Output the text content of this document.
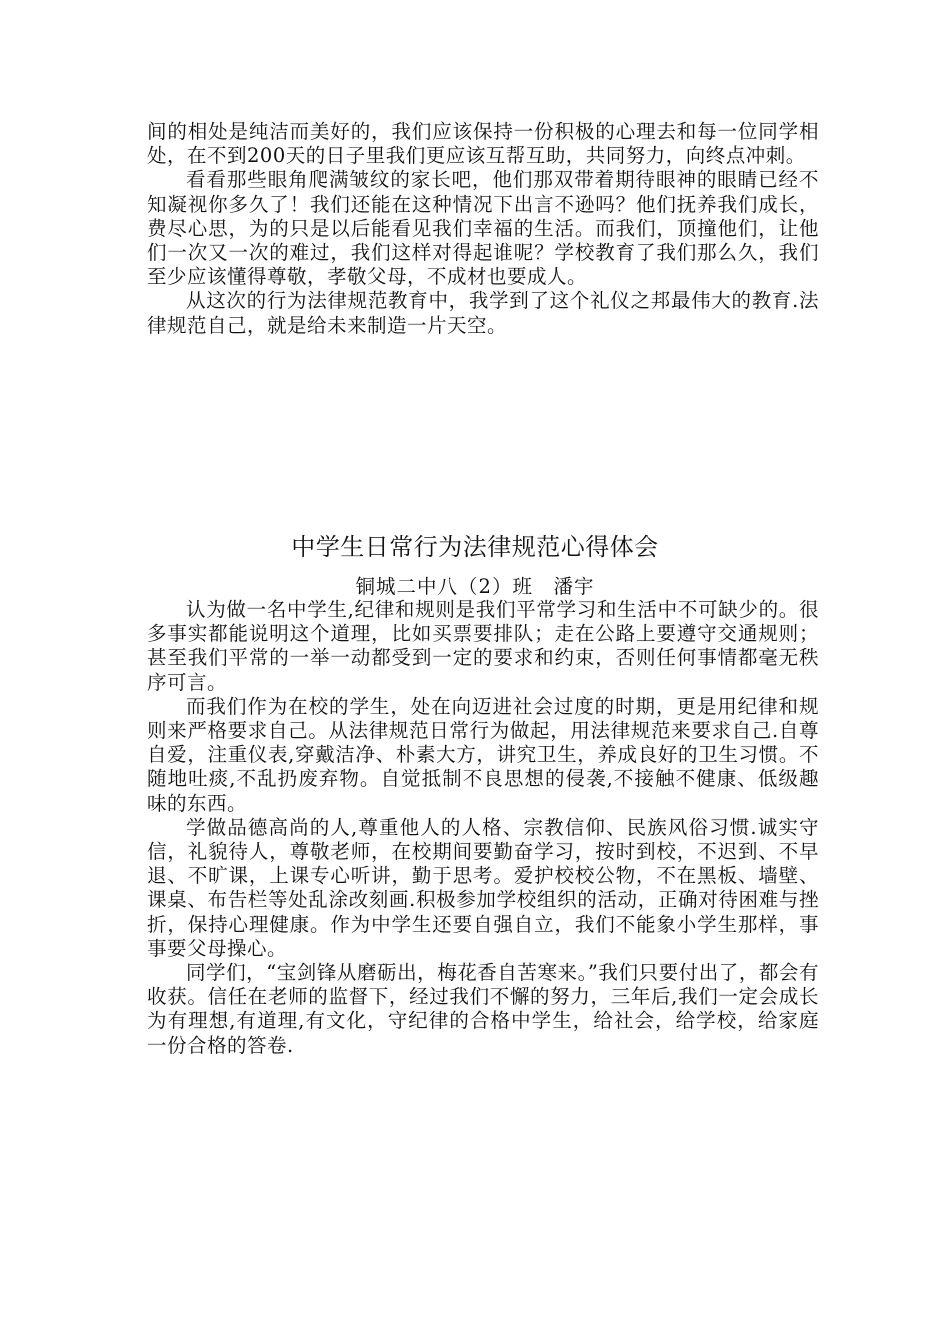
间的相处是纯洁而美好的，我们应该保持一份积极的心理去和每一位同学相处，在不到200天的日子里我们更应该互帮互助，共同努力，向终点冲刺。

看看那些眼角爬满皱纹的家长吧，他们那双带着期待眼神的眼睛已经不知凝视你多久了！我们还能在这种情况下出言不逊吗？他们抚养我们成长，费尽心思，为的只是以后能看见我们幸福的生活。而我们，顶撞他们，让他们一次又一次的难过，我们这样对得起谁呢？学校教育了我们那么久，我们至少应该懂得尊敬，孝敬父母，不成材也要成人。

从这次的行为法律规范教育中，我学到了这个礼仪之邦最伟大的教育.法律规范自己，就是给未来制造一片天空。

中学生日常行为法律规范心得体会
铜城二中八（2）班　潘宇

认为做一名中学生,纪律和规则是我们平常学习和生活中不可缺少的。很多事实都能说明这个道理，比如买票要排队；走在公路上要遵守交通规则；甚至我们平常的一举一动都受到一定的要求和约束，否则任何事情都毫无秩序可言。

而我们作为在校的学生，处在向迈进社会过度的时期，更是用纪律和规则来严格要求自己。从法律规范日常行为做起，用法律规范来要求自己.自尊自爱，注重仪表,穿戴洁净、朴素大方，讲究卫生，养成良好的卫生习惯。不随地吐痰,不乱扔废弃物。自觉抵制不良思想的侵袭,不接触不健康、低级趣味的东西。

学做品德高尚的人,尊重他人的人格、宗教信仰、民族风俗习惯.诚实守信，礼貌待人，尊敬老师，在校期间要勤奋学习，按时到校，不迟到、不早退、不旷课，上课专心听讲，勤于思考。爱护校校公物，不在黑板、墙壁、课桌、布告栏等处乱涂改刻画.积极参加学校组织的活动，正确对待困难与挫折，保持心理健康。作为中学生还要自强自立，我们不能象小学生那样，事事要父母操心。

同学们，“宝剑锋从磨砺出，梅花香自苦寒来。”我们只要付出了，都会有收获。信任在老师的监督下，经过我们不懈的努力，三年后,我们一定会成长为有理想,有道理,有文化，守纪律的合格中学生，给社会，给学校，给家庭一份合格的答卷.
